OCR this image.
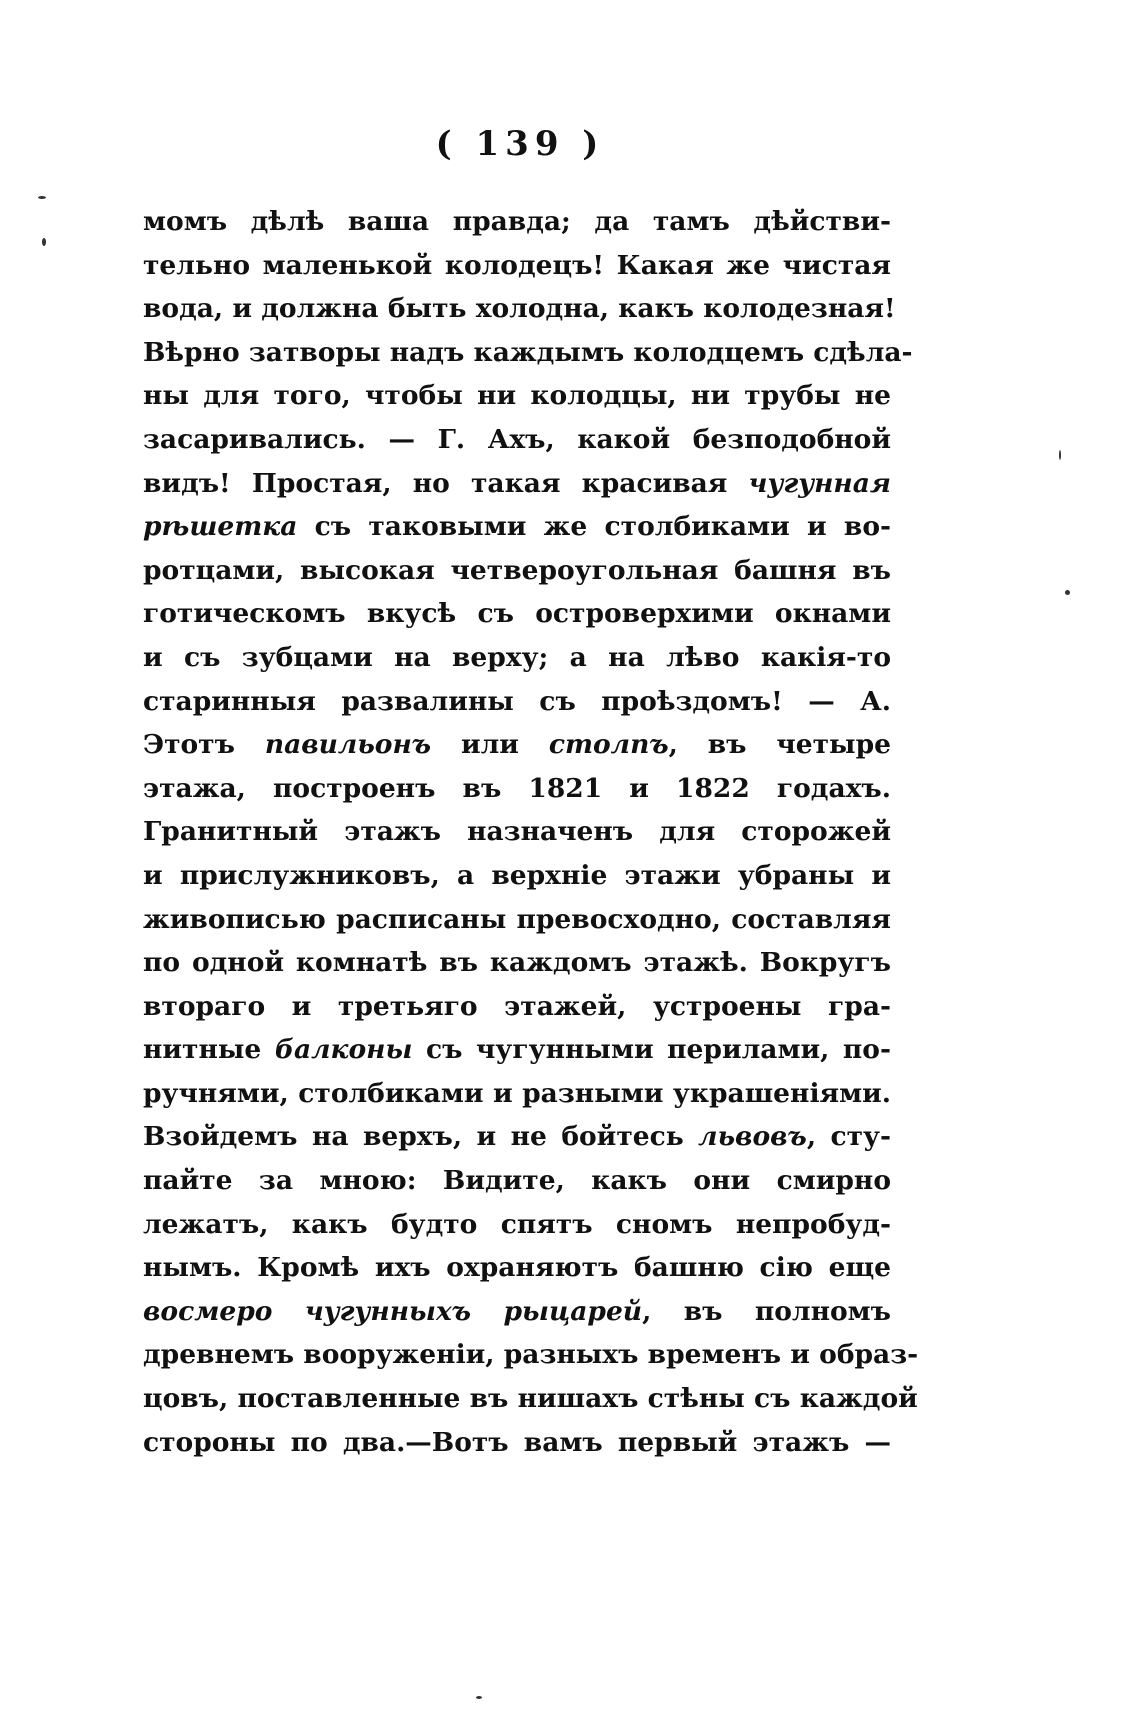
( 139 )
момъ дѣлѣ ваша правда; да тамъ дѣйстви-
тельно маленькой колодецъ! Какая же чистая
вода, и должна быть холодна, какъ колодезная!
Вѣрно затворы надъ каждымъ колодцемъ сдѣла-
ны для того, чтобы ни колодцы, ни трубы не
засаривались. — Г. Ахъ, какой безподобной
видъ! Простая, но такая красивая чугунная
рѣшетка съ таковыми же столбиками и во-
ротцами, высокая четвероугольная башня въ
готическомъ вкусѣ съ островерхими окнами
и съ зубцами на верху; а на лѣво какія-то
старинныя развалины съ проѣздомъ! — А.
Этотъ павильонъ или столпъ, въ четыре
этажа, построенъ въ 1821 и 1822 годахъ.
Гранитный этажъ назначенъ для сторожей
и прислужниковъ, а верхніе этажи убраны и
живописью расписаны превосходно, составляя
по одной комнатѣ въ каждомъ этажѣ. Вокругъ
втораго и третьяго этажей, устроены гра-
нитные балконы съ чугунными перилами, по-
ручнями, столбиками и разными украшеніями.
Взойдемъ на верхъ, и не бойтесь львовъ, сту-
пайте за мною: Видите, какъ они смирно
лежатъ, какъ будто спятъ сномъ непробуд-
нымъ. Кромѣ ихъ охраняютъ башню сію еще
восмеро чугунныхъ рыцарей, въ полномъ
древнемъ вооруженіи, разныхъ временъ и образ-
цовъ, поставленные въ нишахъ стѣны съ каждой
стороны по два.—Вотъ вамъ первый этажъ —
